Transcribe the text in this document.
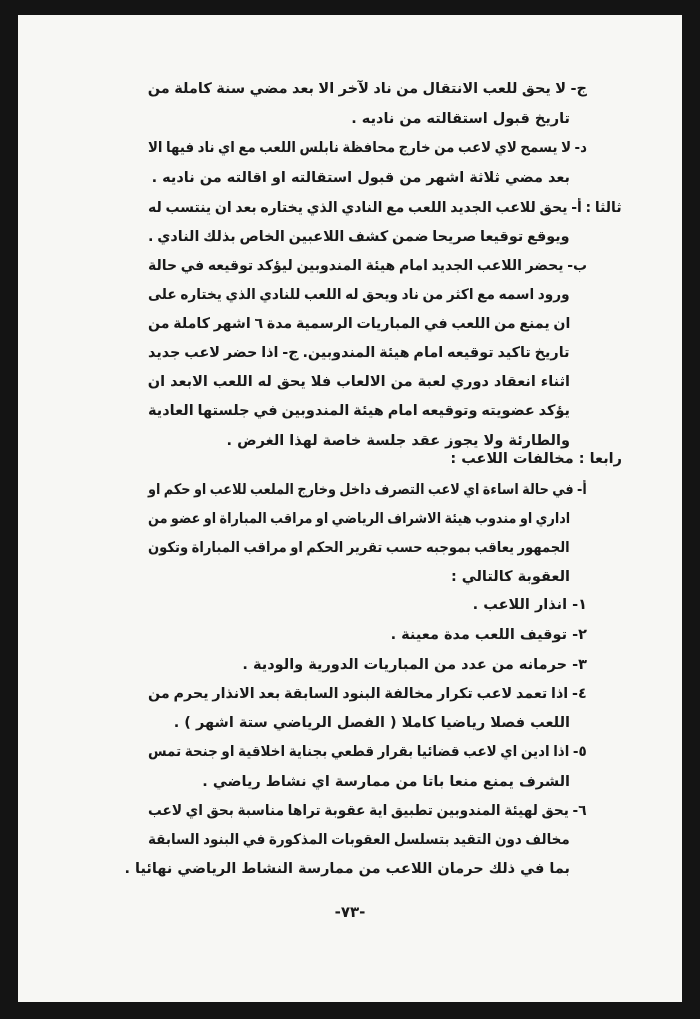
ج- لا يحق للعب الانتقال من ناد لآخر الا بعد مضي سنة كاملة من
تاريخ قبول استقالته من ناديه .
د- لا يسمح لاي لاعب من خارج محافظة نابلس اللعب مع اي ناد فيها الا
بعد مضي ثلاثة اشهر من قبول استقالته او اقالته من ناديه .
ثالثا : أ- يحق للاعب الجديد اللعب مع النادي الذي يختاره بعد ان ينتسب له
ويوقع توقيعا صريحا ضمن كشف اللاعبين الخاص بذلك النادي .
ب- يحضر اللاعب الجديد امام هيئة المندوبين ليؤكد توقيعه في حالة
ورود اسمه مع اكثر من ناد ويحق له اللعب للنادي الذي يختاره على
ان يمنع من اللعب في المباريات الرسمية مدة ٦ اشهر كاملة من
تاريخ تاكيد توقيعه امام هيئة المندوبين. ج- اذا حضر لاعب جديد
اثناء انعقاد دوري لعبة من الالعاب فلا يحق له اللعب الابعد ان
يؤكد عضويته وتوقيعه امام هيئة المندوبين في جلستها العادية
والطارئة ولا يجوز عقد جلسة خاصة لهذا الغرض .
رابعا : مخالفات اللاعب :
أ- في حالة اساءة اي لاعب التصرف داخل وخارج الملعب للاعب او حكم او
اداري او مندوب هيئة الاشراف الرياضي او مراقب المباراة او عضو من
الجمهور يعاقب بموجبه حسب تقرير الحكم او مراقب المباراة وتكون
العقوبة كالتالي :
١- انذار اللاعب .
٢- توقيف اللعب مدة معينة .
٣- حرمانه من عدد من المباريات الدورية والودية .
٤- اذا تعمد لاعب تكرار مخالفة البنود السابقة بعد الانذار يحرم من
اللعب فصلا رياضيا كاملا ( الفصل الرياضي ستة اشهر ) .
٥- اذا ادين اي لاعب قضائيا بقرار قطعي بجناية اخلاقية او جنحة تمس
الشرف يمنع منعا باتا من ممارسة اي نشاط رياضي .
٦- يحق لهيئة المندوبين تطبيق اية عقوبة تراها مناسبة بحق اي لاعب
مخالف دون التقيد بتسلسل العقوبات المذكورة في البنود السابقة
بما في ذلك حرمان اللاعب من ممارسة النشاط الرياضي نهائيا .
-٧٣-
